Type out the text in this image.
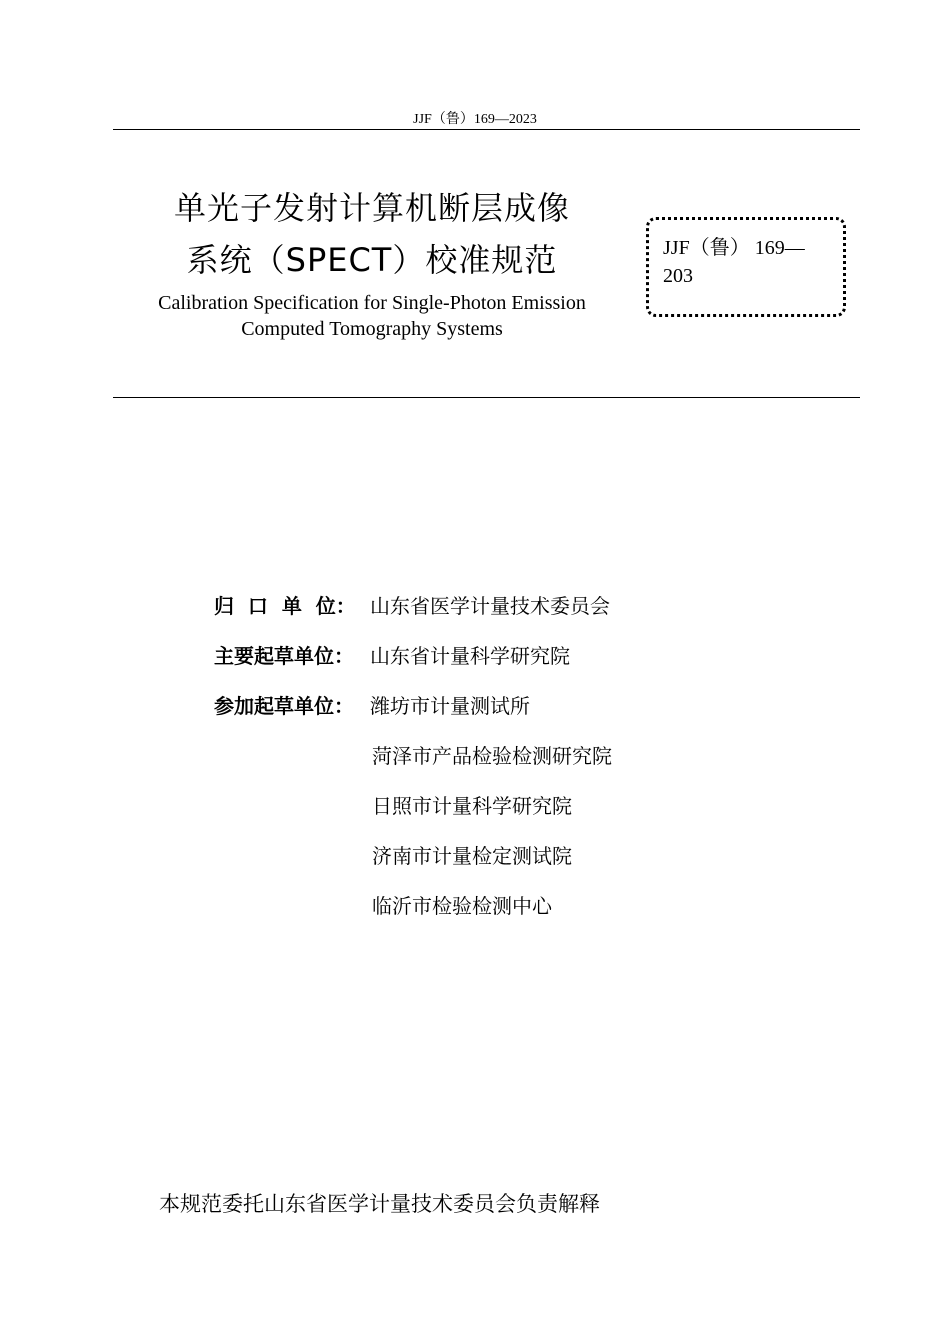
JJF（鲁）169—2023
单光子发射计算机断层成像
系统（SPECT）校准规范
Calibration Specification for Single-Photon Emission
Computed Tomography Systems
JJF（鲁） 169—
203
归  口  单  位： 山东省医学计量技术委员会
主要起草单位： 山东省计量科学研究院
参加起草单位： 潍坊市计量测试所
菏泽市产品检验检测研究院
日照市计量科学研究院
济南市计量检定测试院
临沂市检验检测中心
本规范委托山东省医学计量技术委员会负责解释
